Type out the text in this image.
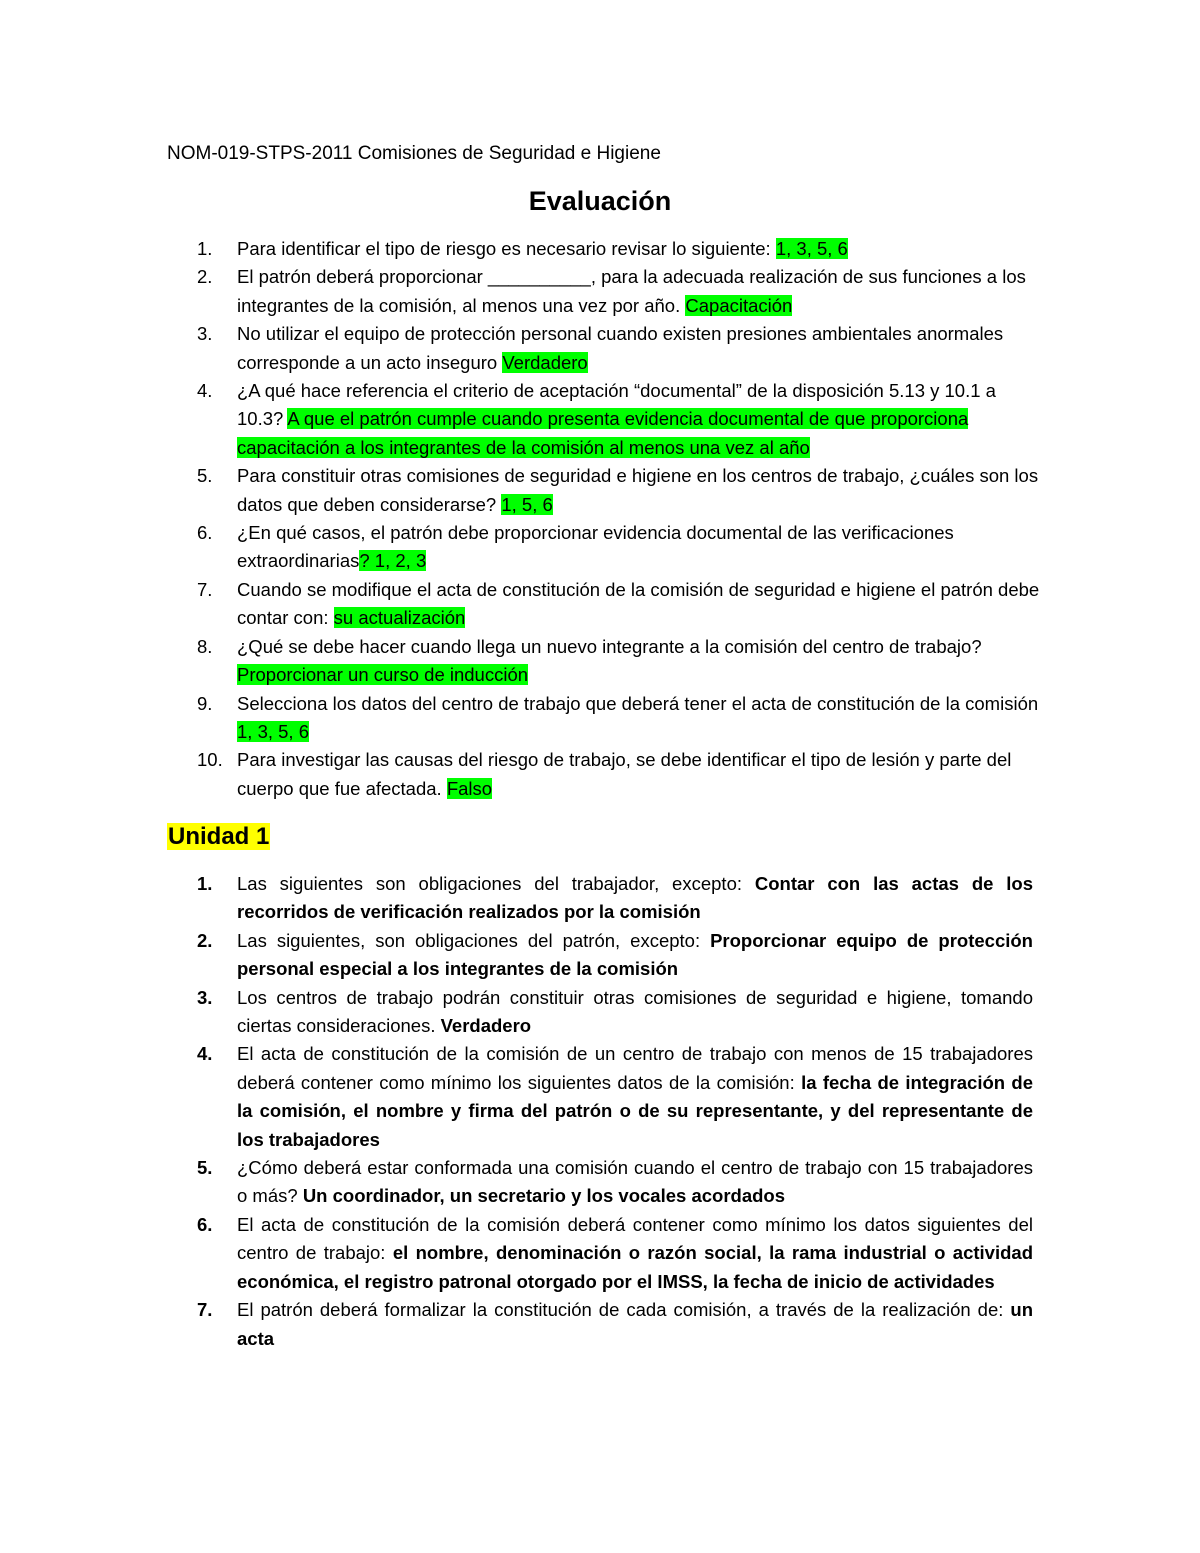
NOM-019-STPS-2011 Comisiones de Seguridad e Higiene
Evaluación
1.	Para identificar el tipo de riesgo es necesario revisar lo siguiente: 1, 3, 5, 6
2.	El patrón deberá proporcionar __________, para la adecuada realización de sus funciones a los integrantes de la comisión, al menos una vez por año. Capacitación
3.	No utilizar el equipo de protección personal cuando existen presiones ambientales anormales corresponde a un acto inseguro Verdadero
4.	¿A qué hace referencia el criterio de aceptación “documental” de la disposición 5.13 y 10.1 a 10.3? A que el patrón cumple cuando presenta evidencia documental de que proporciona capacitación a los integrantes de la comisión al menos una vez al año
5.	Para constituir otras comisiones de seguridad e higiene en los centros de trabajo, ¿cuáles son los datos que deben considerarse? 1, 5, 6
6.	¿En qué casos, el patrón debe proporcionar evidencia documental de las verificaciones extraordinarias? 1, 2, 3
7.	Cuando se modifique el acta de constitución de la comisión de seguridad e higiene el patrón debe contar con: su actualización
8.	¿Qué se debe hacer cuando llega un nuevo integrante a la comisión del centro de trabajo? Proporcionar un curso de inducción
9.	Selecciona los datos del centro de trabajo que deberá tener el acta de constitución de la comisión 1, 3, 5, 6
10. Para investigar las causas del riesgo de trabajo, se debe identificar el tipo de lesión y parte del cuerpo que fue afectada. Falso
Unidad 1
1.	Las siguientes son obligaciones del trabajador, excepto: Contar con las actas de los recorridos de verificación realizados por la comisión
2.	Las siguientes, son obligaciones del patrón, excepto: Proporcionar equipo de protección personal especial a los integrantes de la comisión
3.	Los centros de trabajo podrán constituir otras comisiones de seguridad e higiene, tomando ciertas consideraciones. Verdadero
4.	El acta de constitución de la comisión de un centro de trabajo con menos de 15 trabajadores deberá contener como mínimo los siguientes datos de la comisión: la fecha de integración de la comisión, el nombre y firma del patrón o de su representante, y del representante de los trabajadores
5.	¿Cómo deberá estar conformada una comisión cuando el centro de trabajo con 15 trabajadores o más? Un coordinador, un secretario y los vocales acordados
6.	El acta de constitución de la comisión deberá contener como mínimo los datos siguientes del centro de trabajo: el nombre, denominación o razón social, la rama industrial o actividad económica, el registro patronal otorgado por el IMSS, la fecha de inicio de actividades
7.	El patrón deberá formalizar la constitución de cada comisión, a través de la realización de: un acta
